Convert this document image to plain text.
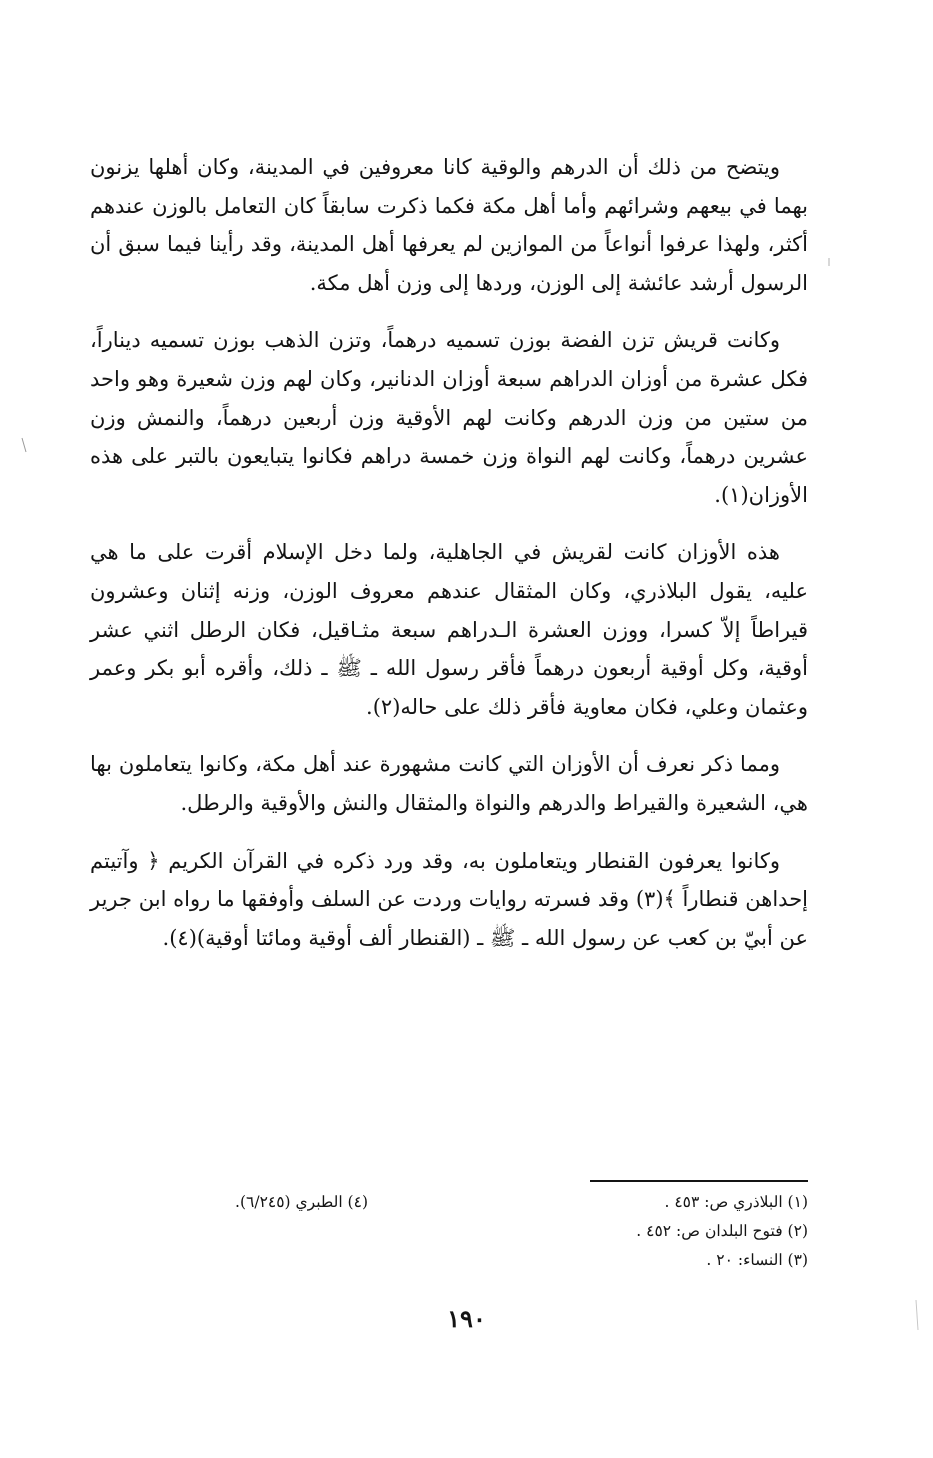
ويتضح من ذلك أن الدرهم والوقية كانا معروفين في المدينة، وكان أهلها يزنون بهما في بيعهم وشرائهم وأما أهل مكة فكما ذكرت سابقاً كان التعامل بالوزن عندهم أكثر، ولهذا عرفوا أنواعاً من الموازين لم يعرفها أهل المدينة، وقد رأينا فيما سبق أن الرسول أرشد عائشة إلى الوزن، وردها إلى وزن أهل مكة.

وكانت قريش تزن الفضة بوزن تسميه درهماً، وتزن الذهب بوزن تسميه ديناراً، فكل عشرة من أوزان الدراهم سبعة أوزان الدنانير، وكان لهم وزن شعيرة وهو واحد من ستين من وزن الدرهم وكانت لهم الأوقية وزن أربعين درهماً، والنمش وزن عشرين درهماً، وكانت لهم النواة وزن خمسة دراهم فكانوا يتبايعون بالتبر على هذه الأوزان(١).

هذه الأوزان كانت لقريش في الجاهلية، ولما دخل الإسلام أقرت على ما هي عليه، يقول البلاذري، وكان المثقال عندهم معروف الوزن، وزنه إثنان وعشرون قيراطاً إلاّ كسرا، ووزن العشرة الـدراهم سبعة مثـاقيل، فكان الرطل اثني عشر أوقية، وكل أوقية أربعون درهماً فأقر رسول الله ـ ﷺ ـ ذلك، وأقره أبو بكر وعمر وعثمان وعلي، فكان معاوية فأقر ذلك على حاله(٢).

ومما ذكر نعرف أن الأوزان التي كانت مشهورة عند أهل مكة، وكانوا يتعاملون بها هي، الشعيرة والقيراط والدرهم والنواة والمثقال والنش والأوقية والرطل.

وكانوا يعرفون القنطار ويتعاملون به، وقد ورد ذكره في القرآن الكريم ﴿ وآتيتم إحداهن قنطاراً ﴾(٣) وقد فسرته روايات وردت عن السلف وأوفقها ما رواه ابن جرير عن أبيّ بن كعب عن رسول الله ـ ﷺ ـ (القنطار ألف أوقية ومائتا أوقية)(٤).

(١) البلاذري ص: ٤٥٣ .

(٢) فتوح البلدان ص: ٤٥٢ .

(٣) النساء: ٢٠ .

(٤) الطبري (٦/٢٤٥).

١٩٠
